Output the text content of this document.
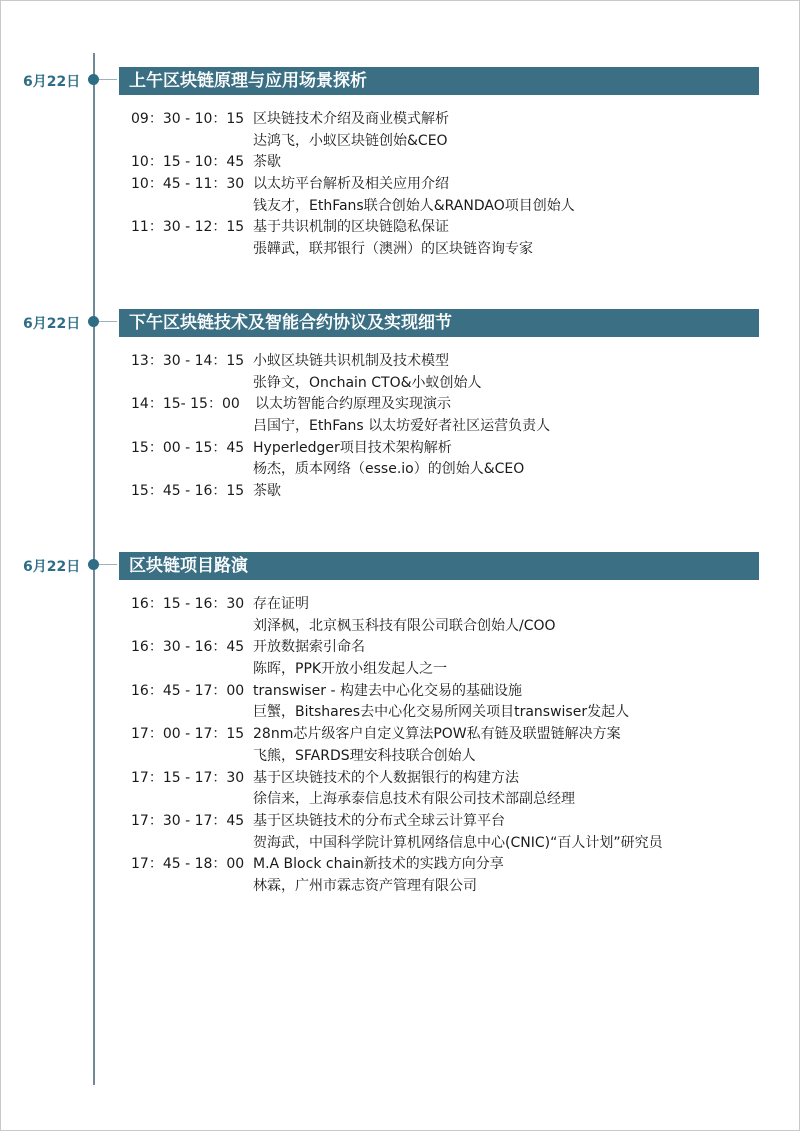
6月22日	上午区块链原理与应用场景探析
09：30 - 10：15 区块链技术介绍及商业模式解析
达鸿飞，小蚁区块链创始&CEO
10：15 - 10：45 茶歇
10：45 - 11：30 以太坊平台解析及相关应用介绍
钱友才，EthFans联合创始人&RANDAO项目创始人
11：30 - 12：15 基于共识机制的区块链隐私保证
張韡武，联邦银行（澳洲）的区块链咨询专家
6月22日	下午区块链技术及智能合约协议及实现细节
13：30 - 14：15 小蚁区块链共识机制及技术模型
张铮文，Onchain CTO&小蚁创始人
14：15- 15：00 以太坊智能合约原理及实现演示
吕国宁，EthFans 以太坊爱好者社区运营负责人
15：00 - 15：45 Hyperledger项目技术架构解析
杨杰，质本网络（esse.io）的创始人&CEO
15：45 - 16：15 茶歇
6月22日	区块链项目路演
16：15 - 16：30 存在证明
刘泽枫，北京枫玉科技有限公司联合创始人/COO
16：30 - 16：45 开放数据索引命名
陈晖，PPK开放小组发起人之一
16：45 - 17：00 transwiser - 构建去中心化交易的基础设施
巨蟹，Bitshares去中心化交易所网关项目transwiser发起人
17：00 - 17：15 28nm芯片级客户自定义算法POW私有链及联盟链解决方案
飞熊，SFARDS理安科技联合创始人
17：15 - 17：30 基于区块链技术的个人数据银行的构建方法
徐信来，上海承泰信息技术有限公司技术部副总经理
17：30 - 17：45 基于区块链技术的分布式全球云计算平台
贺海武，中国科学院计算机网络信息中心(CNIC)“百人计划”研究员
17：45 - 18：00 M.A Block chain新技术的实践方向分享
林霖，广州市霖志资产管理有限公司
